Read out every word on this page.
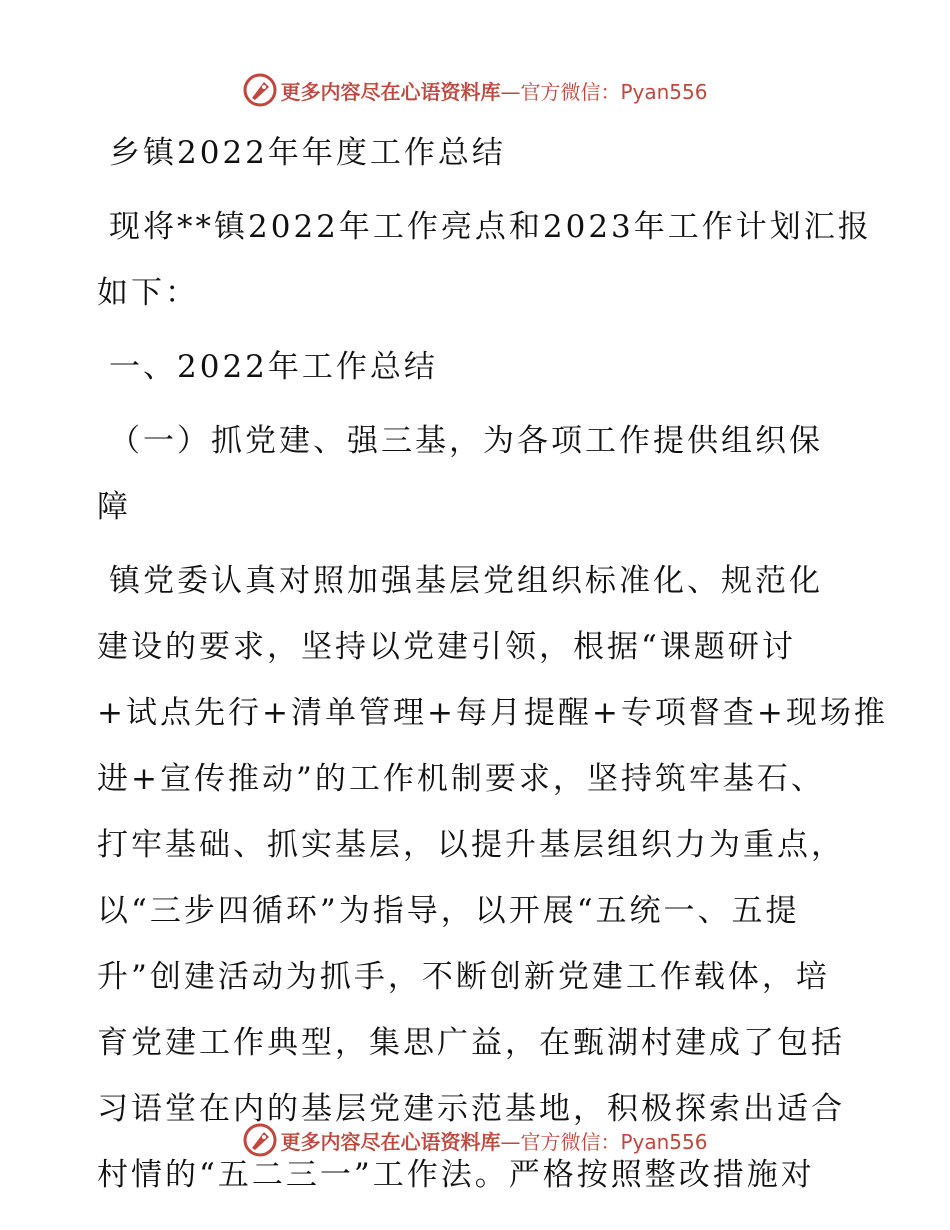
更多内容尽在心语资料库 —官方微信：Pyan556
乡镇2022年年度工作总结
现将**镇2022年工作亮点和2023年工作计划汇报
如下：
一、2022年工作总结
（一）抓党建、强三基，为各项工作提供组织保
障
镇党委认真对照加强基层党组织标准化、规范化
建设的要求，坚持以党建引领，根据“课题研讨
+试点先行+清单管理+每月提醒+专项督查+现场推
进+宣传推动”的工作机制要求，坚持筑牢基石、
打牢基础、抓实基层，以提升基层组织力为重点，
以“三步四循环”为指导，以开展“五统一、五提
升”创建活动为抓手，不断创新党建工作载体，培
育党建工作典型，集思广益，在甄湖村建成了包括
习语堂在内的基层党建示范基地，积极探索出适合
村情的“五二三一”工作法。严格按照整改措施对
更多内容尽在心语资料库 —官方微信：Pyan556
